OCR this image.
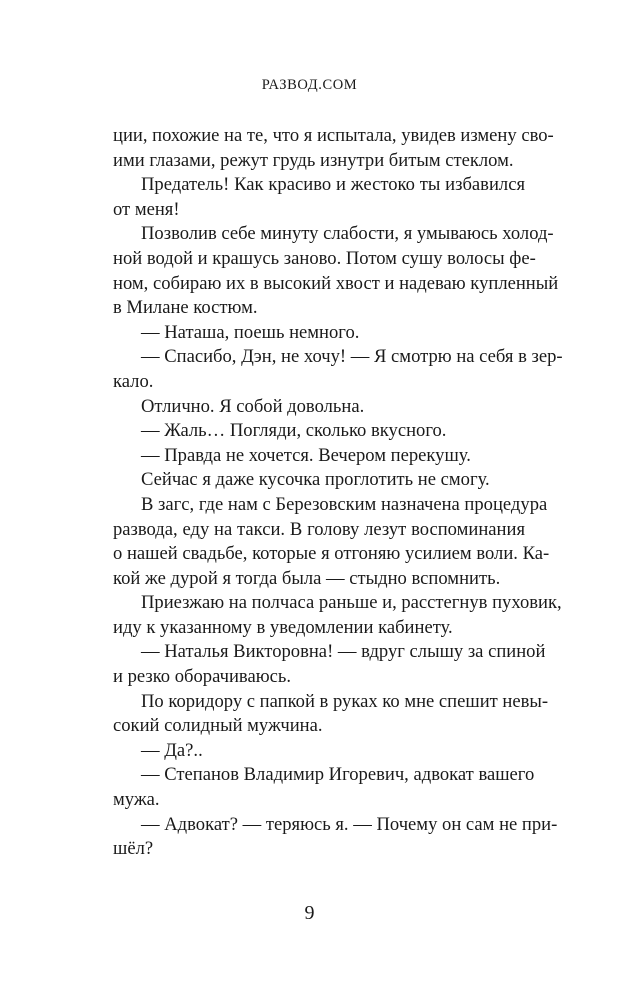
РАЗВОД.СОМ
ции, похожие на те, что я испытала, увидев измену сво-
ими глазами, режут грудь изнутри битым стеклом.
Предатель! Как красиво и жестоко ты избавился
от меня!
Позволив себе минуту слабости, я умываюсь холод-
ной водой и крашусь заново. Потом сушу волосы фе-
ном, собираю их в высокий хвост и надеваю купленный
в Милане костюм.
— Наташа, поешь немного.
— Спасибо, Дэн, не хочу! — Я смотрю на себя в зер-
кало.
Отлично. Я собой довольна.
— Жаль… Погляди, сколько вкусного.
— Правда не хочется. Вечером перекушу.
Сейчас я даже кусочка проглотить не смогу.
В загс, где нам с Березовским назначена процедура
развода, еду на такси. В голову лезут воспоминания
о нашей свадьбе, которые я отгоняю усилием воли. Ка-
кой же дурой я тогда была — стыдно вспомнить.
Приезжаю на полчаса раньше и, расстегнув пуховик,
иду к указанному в уведомлении кабинету.
— Наталья Викторовна! — вдруг слышу за спиной
и резко оборачиваюсь.
По коридору с папкой в руках ко мне спешит невы-
сокий солидный мужчина.
— Да?..
— Степанов Владимир Игоревич, адвокат вашего
мужа.
— Адвокат? — теряюсь я. — Почему он сам не при-
шёл?
9
